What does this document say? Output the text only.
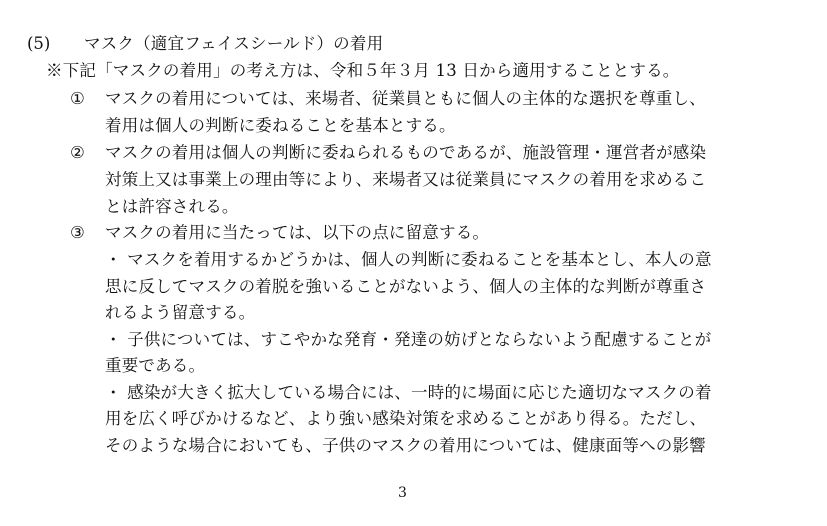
(5) マスク（適宜フェイスシールド）の着用
※下記「マスクの着用」の考え方は、令和５年３月 13 日から適用することとする。
① マスクの着用については、来場者、従業員ともに個人の主体的な選択を尊重し、
着用は個人の判断に委ねることを基本とする。
② マスクの着用は個人の判断に委ねられるものであるが、施設管理・運営者が感染
対策上又は事業上の理由等により、来場者又は従業員にマスクの着用を求めるこ
とは許容される。
③ マスクの着用に当たっては、以下の点に留意する。
・ マスクを着用するかどうかは、個人の判断に委ねることを基本とし、本人の意
思に反してマスクの着脱を強いることがないよう、個人の主体的な判断が尊重さ
れるよう留意する。
・ 子供については、すこやかな発育・発達の妨げとならないよう配慮することが
重要である。
・ 感染が大きく拡大している場合には、一時的に場面に応じた適切なマスクの着
用を広く呼びかけるなど、より強い感染対策を求めることがあり得る。ただし、
そのような場合においても、子供のマスクの着用については、健康面等への影響
3
